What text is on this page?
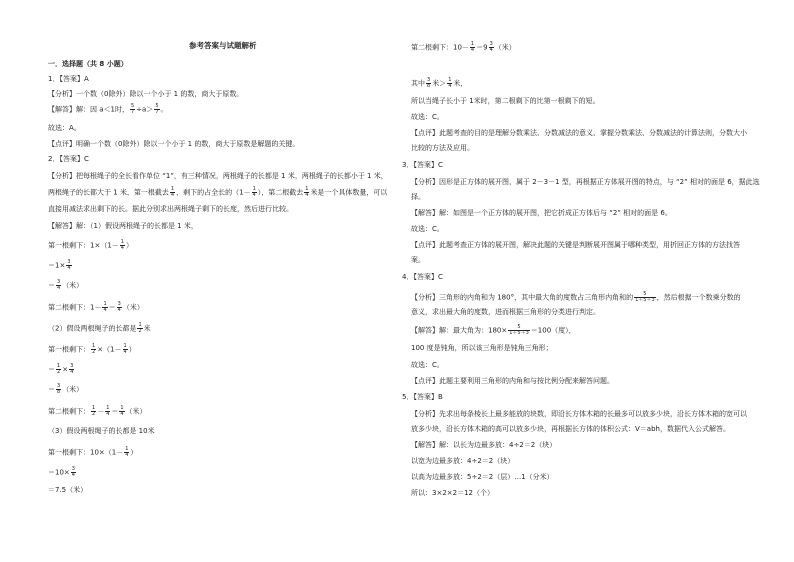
参考答案与试题解析
一．选择题（共 8 小题）
1．【答案】A
【分析】一个数（0除外）除以一个小于 1 的数，商大于原数。
【解答】解：因 a＜1时， $\frac{5}{7} \div a> \frac{5}{7}$ 。
故选：A。
【点评】明确一个数（0除外）除以一个小于 1 的数，商大于原数是解题的关键。
2．【答案】C
【分析】把每根绳子的全长看作单位 “1”，有三种情况，两根绳子的长都是 1 米，两根绳子的长都小于 1 米，
两根绳子的长都大于 1 米，第一根截去 $\frac{1}{4}$ ，剩下的占全长的（$1- \frac{1}{4}$ ），第二根截去 $\frac{1}{4}$ 米是一个具体数量，可以
直接用减法求出剩下的长。据此分别求出两根绳子剩下的长度，然后进行比较。
【解答】解：（1）假设两根绳子的长都是 1 米，
第一根剩下：$1\times(1- \frac{1}{4}$ ）
$=1\times \frac{3}{4}$
＝ $\frac{3}{4}$ （米）
第二根剩下：$1- \frac{1}{4} = \frac{3}{4}$ （米）
（2）假设两根绳子的长都是 $\frac{1}{2}$ 米
第一根剩下： $\frac{1}{2} \times(1- \frac{1}{4}$ ）
＝ $\frac{1}{2} \times \frac{3}{4}$
＝ $\frac{3}{8}$ （米）
第二根剩下： $\frac{1}{2} - \frac{1}{4} = \frac{1}{4}$ （米）
（3）假设两根绳子的长都是 10米
第一根剩下：$10\times(1- \frac{1}{4}$ ）
$=10\times \frac{3}{4}$
＝7.5（米）
第二根剩下：$10- \frac{1}{4} =9 \frac{3}{4}$ （米）
其中 $\frac{3}{8}$ 米＞ $\frac{1}{4}$ 米，
所以当绳子长小于 1米时，第二根剩下的比第一根剩下的短。
故选：C。
【点评】此题考查的目的是理解分数乘法、分数减法的意义、掌握分数乘法、分数减法的计算法则，分数大小
比较的方法及应用。
3．【答案】C
【分析】因形是正方体的展开图，属于 2－3－1 型，再根据正方体展开图的特点，与 “2” 相对的面是 6，据此选
择。
【解答】解：如图是一个正方体的展开图，把它折成正方体后与 “2” 相对的面是 6。
故选：C。
【点评】此题考查正方体的展开图，解决此题的关键是判断展开图属于哪种类型，用折回正方体的方法找答
案。
4．【答案】C
【分析】三角形的内角和为 180°，其中最大角的度数占三角形内角和的 $\frac{5}{1+5+3}$ ，然后根据一个数乘分数的
意义，求出最大角的度数，进而根据三角形的分类进行判定。
【解答】解：最大角为：$180\times \frac{5}{1+5+3} =100$（度），
100 度是钝角，所以该三角形是钝角三角形；
故选：C。
【点评】此题主要利用三角形的内角和与按比例分配来解答问题。
5．【答案】B
【分析】先求出每条棱长上最多能放的块数，即沿长方体木箱的长最多可以放多少块，沿长方体木箱的宽可以
放多少块，沿长方体木箱的高可以放多少块，再根据长方体的体积公式：V＝abh，数据代入公式解答。
【解答】解：以长为边最多放：4÷2＝2（块）
以宽为边最多放：4÷2＝2（块）
以高为边最多放：5÷2＝2（层）…1（分米）
所以：3×2×2＝12（个）
